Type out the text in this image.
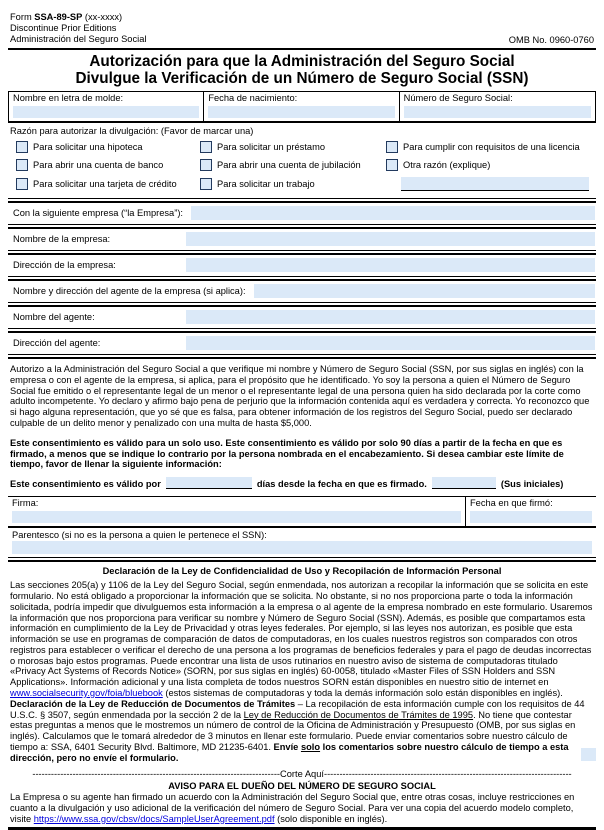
Form SSA-89-SP (xx-xxxx)
Discontinue Prior Editions
Administración del Seguro Social	OMB No. 0960-0760
Autorización para que la Administración del Seguro Social
Divulgue la Verificación de un Número de Seguro Social (SSN)
Nombre en letra de molde:	Fecha de nacimiento:	Número de Seguro Social:
Razón para autorizar la divulgación: (Favor de marcar una)
Para solicitar una hipoteca	Para solicitar un préstamo	Para cumplir con requisitos de una licencia
Para abrir una cuenta de banco	Para abrir una cuenta de jubilación	Otra razón (explique)
Para solicitar una tarjeta de crédito	Para solicitar un trabajo
Con la siguiente empresa (“la Empresa”):
Nombre de la empresa:
Dirección de la empresa:
Nombre y dirección del agente de la empresa (si aplica):
Nombre del agente:
Dirección del agente:
Autorizo a la Administración del Seguro Social a que verifique mi nombre y Número de Seguro Social (SSN, por sus siglas en inglés) con la empresa o con el agente de la empresa, si aplica, para el propósito que he identificado. Yo soy la persona a quien el Número de Seguro Social fue emitido o el representante legal de un menor o el representante legal de una persona quien ha sido declarada por la corte como adulto incompetente. Yo declaro y afirmo bajo pena de perjurio que la información contenida aquí es verdadera y correcta. Yo reconozco que si hago alguna representación, que yo sé que es falsa, para obtener información de los registros del Seguro Social, puedo ser declarado culpable de un delito menor y penalizado con una multa de hasta $5,000.
Este consentimiento es válido para un solo uso. Este consentimiento es válido por solo 90 días a partir de la fecha en que es firmado, a menos que se indique lo contrario por la persona nombrada en el encabezamiento. Si desea cambiar este límite de tiempo, favor de llenar la siguiente información:
Este consentimiento es válido por	días desde la fecha en que es firmado.	(Sus iniciales)
Firma:	Fecha en que firmó:
Parentesco (si no es la persona a quien le pertenece el SSN):
Declaración de la Ley de Confidencialidad de Uso y Recopilación de Información Personal
Las secciones 205(a) y 1106 de la Ley del Seguro Social, según enmendada, nos autorizan a recopilar la información que se solicita en este formulario. No está obligado a proporcionar la información que se solicita. No obstante, si no nos proporciona parte o toda la información solicitada, podría impedir que divulguemos esta información a la empresa o al agente de la empresa nombrado en este formulario. Usaremos la información que nos proporciona para verificar su nombre y Número de Seguro Social (SSN). Además, es posible que compartamos esta información en cumplimiento de la Ley de Privacidad y otras leyes federales. Por ejemplo, si las leyes nos autorizan, es posible que esta información se use en programas de comparación de datos de computadoras, en los cuales nuestros registros son comparados con otros registros para establecer o verificar el derecho de una persona a los programas de beneficios federales y para el pago de deudas incorrectas o morosas bajo estos programas. Puede encontrar una lista de usos rutinarios en nuestro aviso de sistema de computadoras titulado «Privacy Act Systems of Records Notice» (SORN, por sus siglas en inglés) 60-0058, titulado «Master Files of SSN Holders and SSN Applications». Información adicional y una lista completa de todos nuestros SORN están disponibles en nuestro sitio de internet en www.socialsecurity.gov/foia/bluebook (estos sistemas de computadoras y toda la demás información solo están disponibles en inglés).
Declaración de la Ley de Reducción de Documentos de Trámites – La recopilación de esta información cumple con los requisitos de 44 U.S.C. § 3507, según enmendada por la sección 2 de la Ley de Reducción de Documentos de Trámites de 1995. No tiene que contestar estas preguntas a menos que le mostremos un número de control de la Oficina de Administración y Presupuesto (OMB, por sus siglas en inglés). Calculamos que le tomará alrededor de 3 minutos en llenar este formulario. Puede enviar comentarios sobre nuestro cálculo de tiempo a: SSA, 6401 Security Blvd. Baltimore, MD 21235-6401. Envíe solo los comentarios sobre nuestro cálculo de tiempo a esta dirección, pero no envíe el formulario.
-------------------------------------------------------------------------------- Corte Aquí --------------------------------------------------------------------------------
AVISO PARA EL DUEÑO DEL NÚMERO DE SEGURO SOCIAL
La Empresa o su agente han firmado un acuerdo con la Administración del Seguro Social que, entre otras cosas, incluye restricciones en cuanto a la divulgación y uso adicional de la verificación del número de Seguro Social. Para ver una copia del acuerdo modelo completo, visite https://www.ssa.gov/cbsv/docs/SampleUserAgreement.pdf (solo disponible en inglés).
